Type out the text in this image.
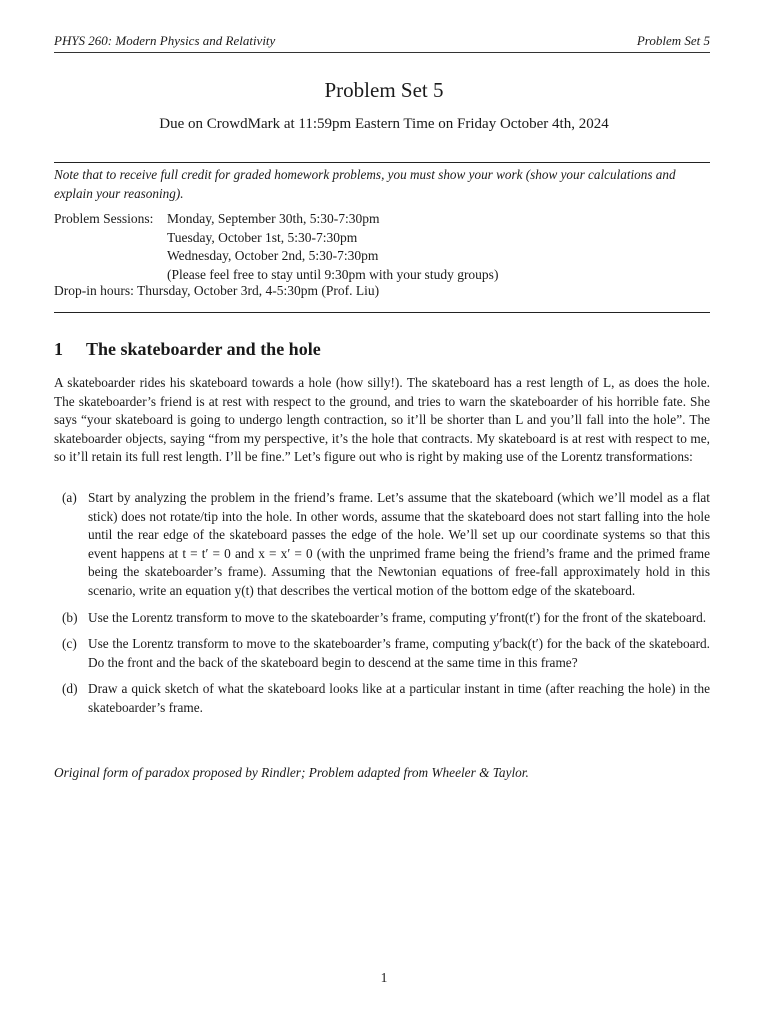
PHYS 260: Modern Physics and Relativity	Problem Set 5
Problem Set 5
Due on CrowdMark at 11:59pm Eastern Time on Friday October 4th, 2024
Note that to receive full credit for graded homework problems, you must show your work (show your calculations and explain your reasoning).
Problem Sessions:	Monday, September 30th, 5:30-7:30pm
Tuesday, October 1st, 5:30-7:30pm
Wednesday, October 2nd, 5:30-7:30pm
(Please feel free to stay until 9:30pm with your study groups)
Drop-in hours: Thursday, October 3rd, 4-5:30pm (Prof. Liu)
1 The skateboarder and the hole
A skateboarder rides his skateboard towards a hole (how silly!). The skateboard has a rest length of L, as does the hole. The skateboarder’s friend is at rest with respect to the ground, and tries to warn the skateboarder of his horrible fate. She says “your skateboard is going to undergo length contraction, so it’ll be shorter than L and you’ll fall into the hole”. The skateboarder objects, saying “from my perspective, it’s the hole that contracts. My skateboard is at rest with respect to me, so it’ll retain its full rest length. I’ll be fine.” Let’s figure out who is right by making use of the Lorentz transformations:
(a) Start by analyzing the problem in the friend’s frame. Let’s assume that the skateboard (which we’ll model as a flat stick) does not rotate/tip into the hole. In other words, assume that the skateboard does not start falling into the hole until the rear edge of the skateboard passes the edge of the hole. We’ll set up our coordinate systems so that this event happens at t = t′ = 0 and x = x′ = 0 (with the unprimed frame being the friend’s frame and the primed frame being the skateboarder’s frame). Assuming that the Newtonian equations of free-fall approximately hold in this scenario, write an equation y(t) that describes the vertical motion of the bottom edge of the skateboard.
(b) Use the Lorentz transform to move to the skateboarder’s frame, computing y′front(t′) for the front of the skateboard.
(c) Use the Lorentz transform to move to the skateboarder’s frame, computing y′back(t′) for the back of the skateboard. Do the front and the back of the skateboard begin to descend at the same time in this frame?
(d) Draw a quick sketch of what the skateboard looks like at a particular instant in time (after reaching the hole) in the skateboarder’s frame.
Original form of paradox proposed by Rindler; Problem adapted from Wheeler & Taylor.
1
